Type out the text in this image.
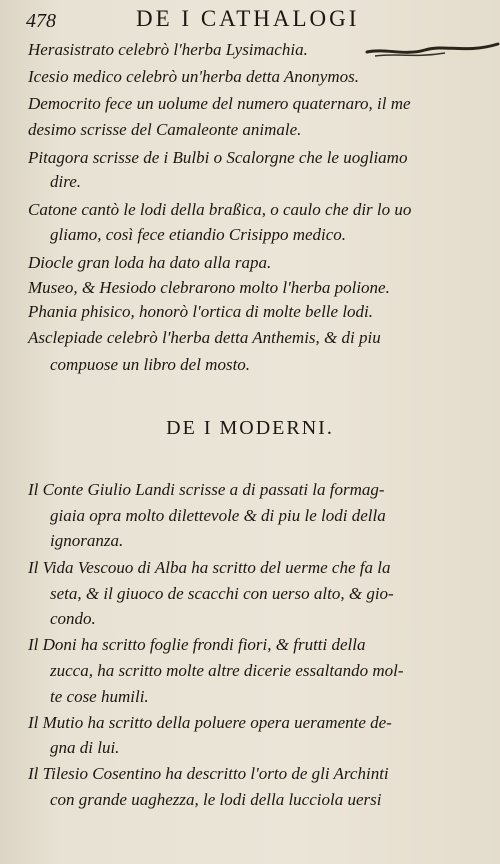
478	DE I CATHALOGI
Herasistrato celebrò l'herba Lysimachia.
Icesio medico celebrò un'herba detta Anonymos.
Democrito fece un uolume del numero quaternaro, il me
desimo scrisse del Camaleonte animale.
Pitagora scrisse de i Bulbi o Scalorgne che le uogliamo
dire.
Catone cantò le lodi della braßica, o caulo che dir lo uo
gliamo, così fece etiandio Crisippo medico.
Diocle gran loda ha dato alla rapa.
Museo, & Hesiodo clebrarono molto l'herba polione.
Phania phisico, honorò l'ortica di molte belle lodi.
Asclepiade celebrò l'herba detta Anthemis, & di piu
compuose un libro del mosto.
DE I MODERNI.
Il Conte Giulio Landi scrisse a di passati la formag-
giaia opra molto dilettevole & di piu le lodi della
ignoranza.
Il Vida Vescouo di Alba ha scritto del uerme che fa la
seta, & il giuoco de scacchi con uerso alto, & gio-
condo.
Il Doni ha scritto foglie frondi fiori, & frutti della
zucca, ha scritto molte altre dicerie essaltando mol-
te cose humili.
Il Mutio ha scritto della poluere opera ueramente de-
gna di lui.
Il Tilesio Cosentino ha descritto l'orto de gli Archinti
con grande uaghezza, le lodi della lucciola uersi
